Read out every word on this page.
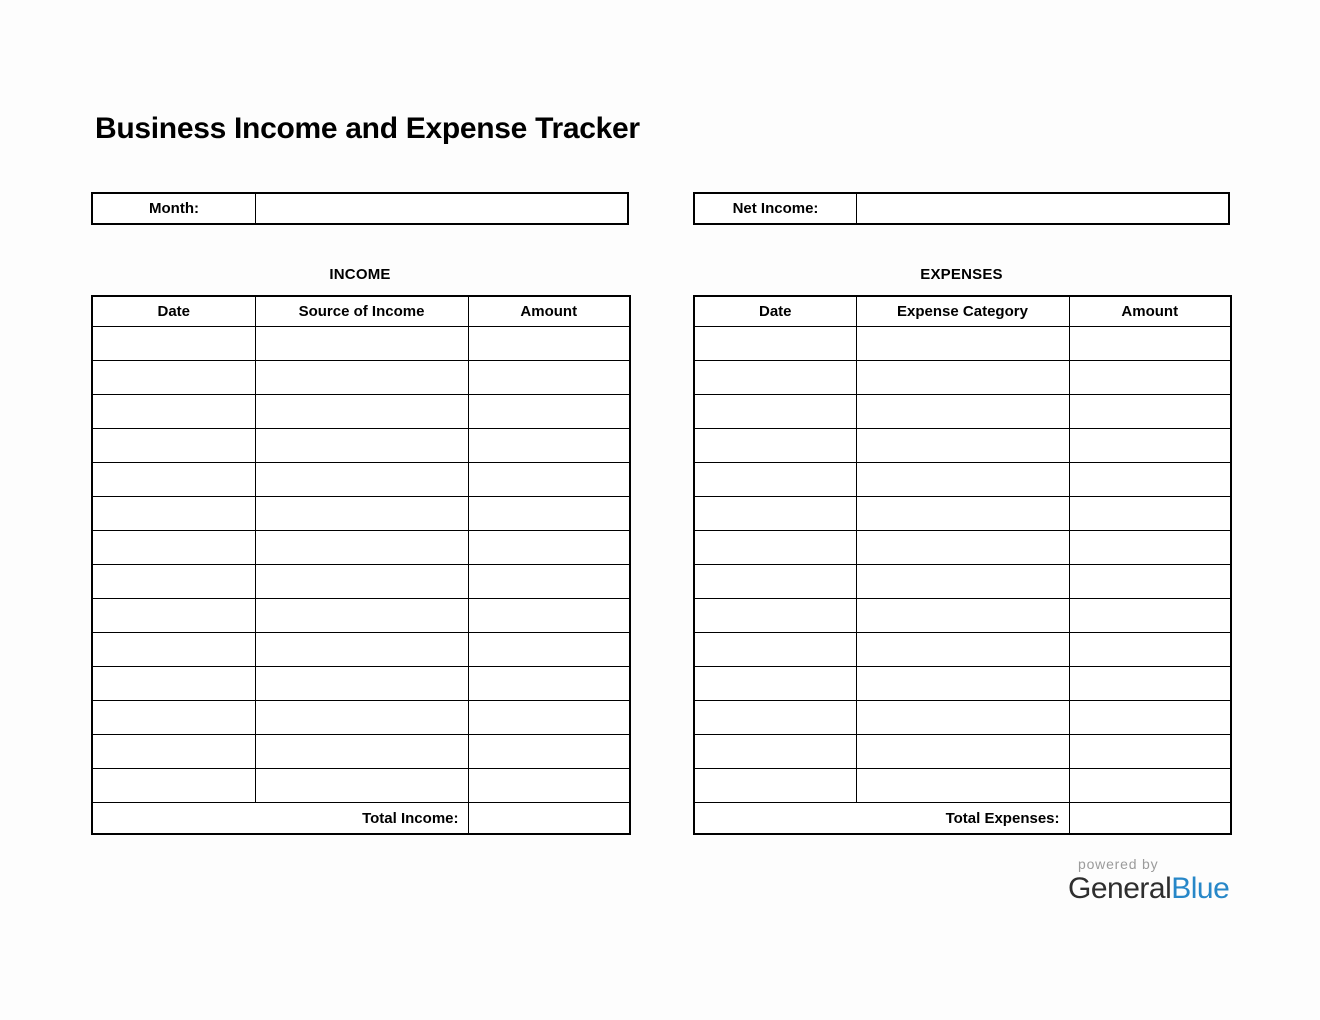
Business Income and Expense Tracker
Month:	Net Income:
INCOME	EXPENSES
Date	Source of Income	Amount

Total Income:		
Date	Expense Category	Amount

Total Expenses:		
powered by
GeneralBlue
